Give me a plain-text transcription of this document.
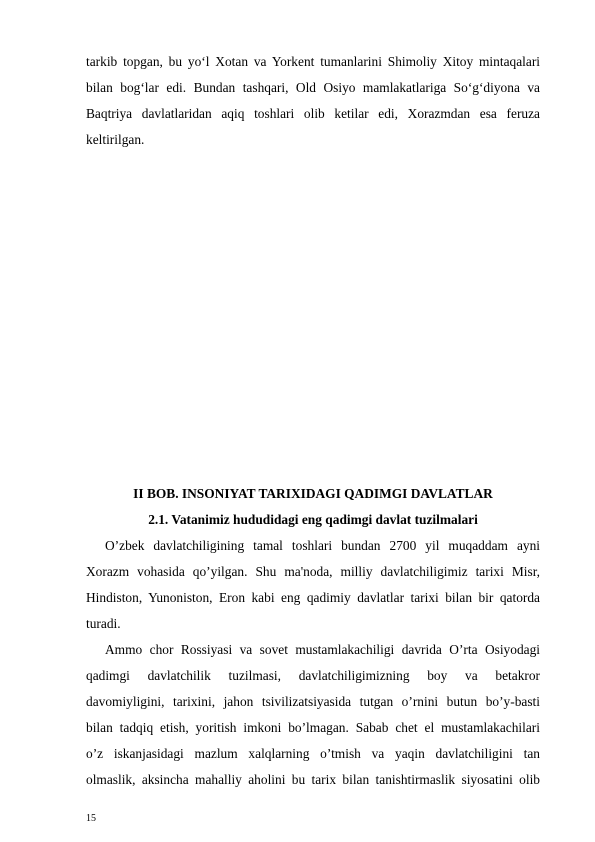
tarkib topgan, bu yo‘l Xotan va Yorkent tumanlarini Shimoliy Xitoy mintaqalari
bilan bog‘lar edi. Bundan tashqari, Old Osiyo mamlakatlariga So‘g‘diyona va
Baqtriya davlatlaridan aqiq toshlari olib ketilar edi, Xorazmdan esa feruza
keltirilgan.
II BOB. INSONIYAT TARIXIDAGI QADIMGI DAVLATLAR
2.1. Vatanimiz hududidagi eng qadimgi davlat tuzilmalari
O’zbek davlatchiligining tamal toshlari bundan 2700 yil muqaddam ayni
Xorazm vohasida qo’yilgan. Shu ma'noda, milliy davlatchiligimiz tarixi Misr,
Hindiston, Yunoniston, Eron kabi eng qadimiy davlatlar tarixi bilan bir qatorda
turadi.
Ammo chor Rossiyasi va sovet mustamlakachiligi davrida O’rta Osiyodagi
qadimgi davlatchilik tuzilmasi, davlatchiligimizning boy va betakror
davomiyligini, tarixini, jahon tsivilizatsiyasida tutgan o’rnini butun bo’y-basti
bilan tadqiq etish, yoritish imkoni bo’lmagan. Sabab chet el mustamlakachilari
o’z iskanjasidagi mazlum xalqlarning o’tmish va yaqin davlatchiligini tan
olmaslik, aksincha mahalliy aholini bu tarix bilan tanishtirmaslik siyosatini olib
15
